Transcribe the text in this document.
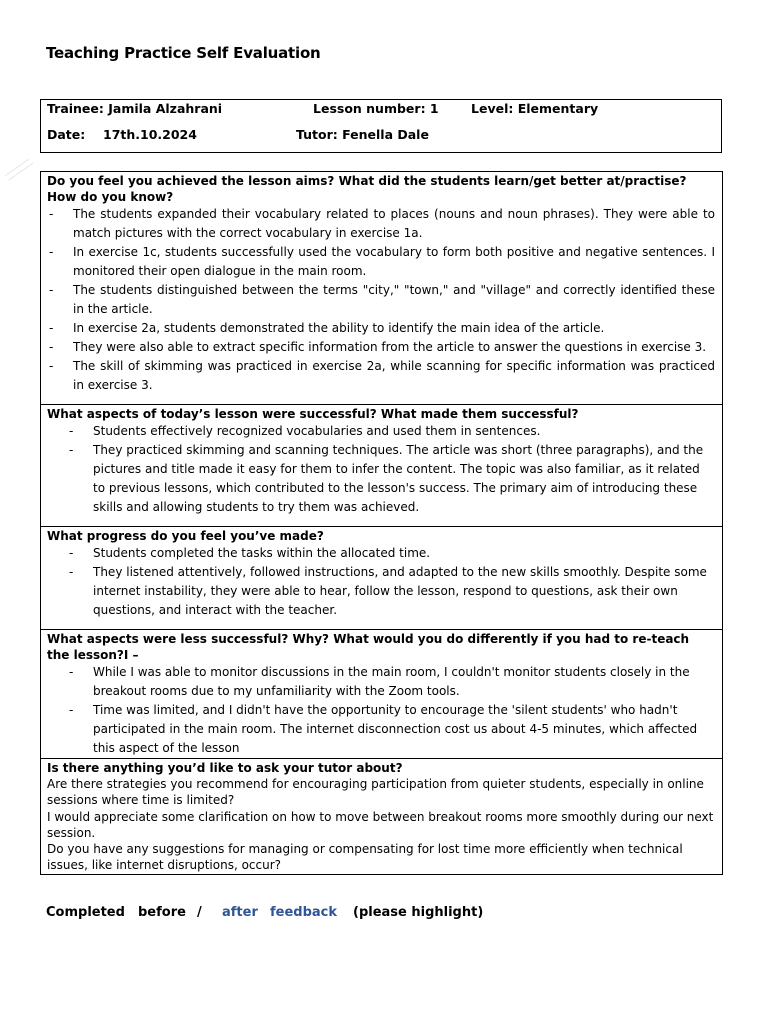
Teaching Practice Self Evaluation
Trainee: Jamila Alzahrani	Lesson number: 1	Level: Elementary
Date: 17th.10.2024	Tutor: Fenella Dale
Do you feel you achieved the lesson aims? What did the students learn/get better at/practise? How do you know?
- The students expanded their vocabulary related to places (nouns and noun phrases). They were able to match pictures with the correct vocabulary in exercise 1a.
- In exercise 1c, students successfully used the vocabulary to form both positive and negative sentences. I monitored their open dialogue in the main room.
- The students distinguished between the terms "city," "town," and "village" and correctly identified these in the article.
- In exercise 2a, students demonstrated the ability to identify the main idea of the article.
- They were also able to extract specific information from the article to answer the questions in exercise 3.
- The skill of skimming was practiced in exercise 2a, while scanning for specific information was practiced in exercise 3.

What aspects of today’s lesson were successful? What made them successful?
- Students effectively recognized vocabularies and used them in sentences.
- They practiced skimming and scanning techniques. The article was short (three paragraphs), and the pictures and title made it easy for them to infer the content. The topic was also familiar, as it related to previous lessons, which contributed to the lesson's success. The primary aim of introducing these skills and allowing students to try them was achieved.

What progress do you feel you’ve made?
- Students completed the tasks within the allocated time.
- They listened attentively, followed instructions, and adapted to the new skills smoothly. Despite some internet instability, they were able to hear, follow the lesson, respond to questions, ask their own questions, and interact with the teacher.

What aspects were less successful? Why? What would you do differently if you had to re-teach the lesson?I –
- While I was able to monitor discussions in the main room, I couldn't monitor students closely in the breakout rooms due to my unfamiliarity with the Zoom tools.
- Time was limited, and I didn't have the opportunity to encourage the 'silent students' who hadn't participated in the main room. The internet disconnection cost us about 4-5 minutes, which affected this aspect of the lesson

Is there anything you’d like to ask your tutor about?

Are there strategies you recommend for encouraging participation from quieter students, especially in online sessions where time is limited?

I would appreciate some clarification on how to move between breakout rooms more smoothly during our next session.

Do you have any suggestions for managing or compensating for lost time more efficiently when technical issues, like internet disruptions, occur?

Completed before / after feedback (please highlight)
